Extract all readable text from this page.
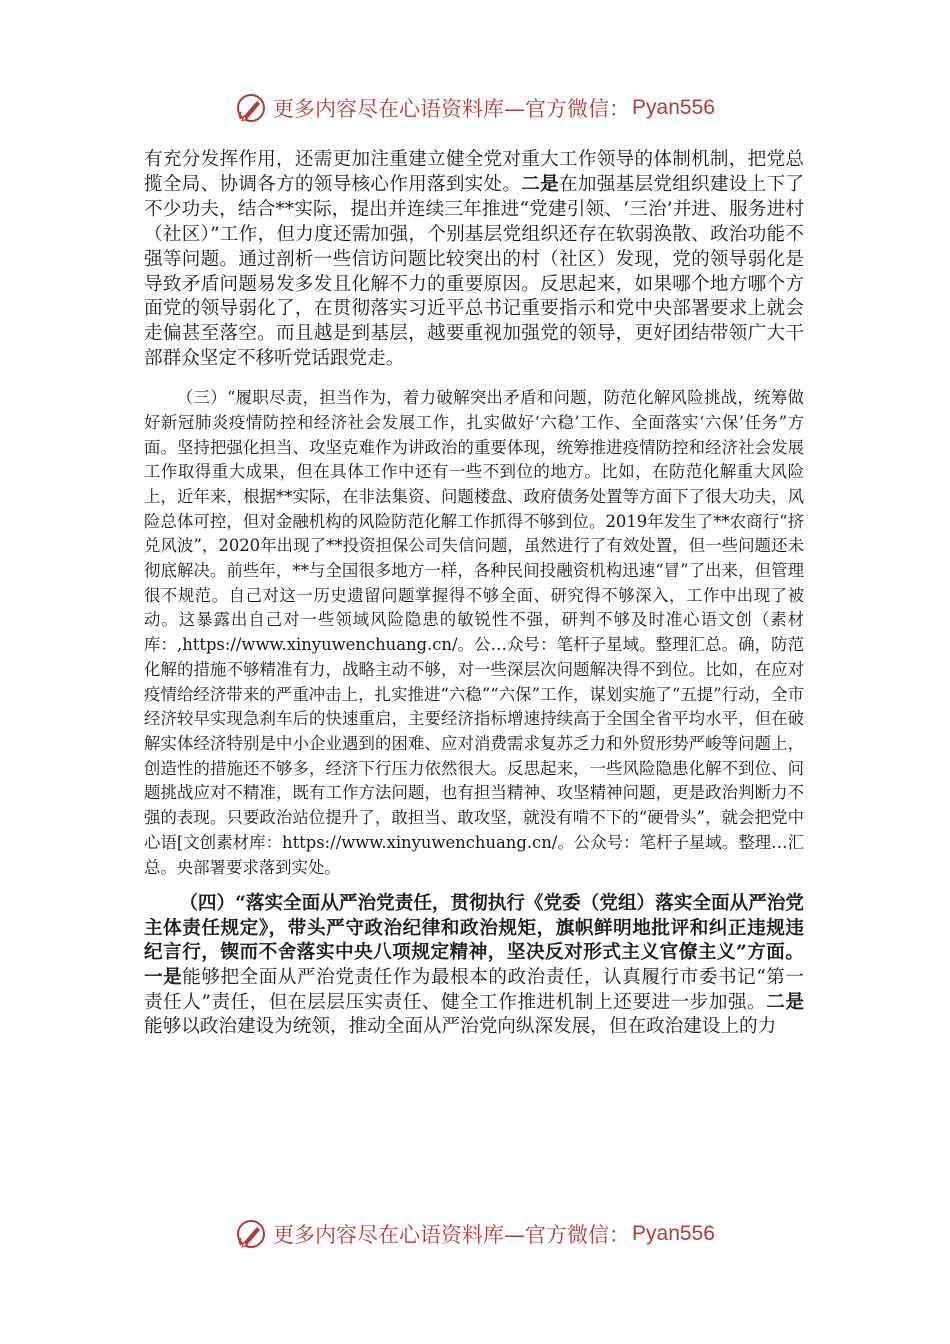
更多内容尽在心语资料库—官方微信： Pyan556

有充分发挥作用，还需更加注重建立健全党对重大工作领导的体制机制，把党总揽全局、协调各方的领导核心作用落到实处。二是在加强基层党组织建设上下了不少功夫，结合**实际，提出并连续三年推进“党建引领、‘三治’并进、服务进村（社区）”工作，但力度还需加强，个别基层党组织还存在软弱涣散、政治功能不强等问题。通过剖析一些信访问题比较突出的村（社区）发现，党的领导弱化是导致矛盾问题易发多发且化解不力的重要原因。反思起来，如果哪个地方哪个方面党的领导弱化了，在贯彻落实习近平总书记重要指示和党中央部署要求上就会走偏甚至落空。而且越是到基层，越要重视加强党的领导，更好团结带领广大干部群众坚定不移听党话跟党走。

（三）“履职尽责，担当作为，着力破解突出矛盾和问题，防范化解风险挑战，统筹做好新冠肺炎疫情防控和经济社会发展工作，扎实做好‘六稳’工作、全面落实‘六保’任务”方面。坚持把强化担当、攻坚克难作为讲政治的重要体现，统筹推进疫情防控和经济社会发展工作取得重大成果，但在具体工作中还有一些不到位的地方。比如，在防范化解重大风险上，近年来，根据**实际，在非法集资、问题楼盘、政府债务处置等方面下了很大功夫，风险总体可控，但对金融机构的风险防范化解工作抓得不够到位。2019年发生了**农商行“挤兑风波”，2020年出现了**投资担保公司失信问题，虽然进行了有效处置，但一些问题还未彻底解决。前些年，**与全国很多地方一样，各种民间投融资机构迅速“冒”了出来，但管理很不规范。自己对这一历史遗留问题掌握得不够全面、研究得不够深入，工作中出现了被动。这暴露出自己对一些领域风险隐患的敏锐性不强，研判不够及时准心语文创（素材库：,https://www.xinyuwenchuang.cn/。公…众号：笔杆子星域。整理汇总。确，防范化解的措施不够精准有力，战略主动不够，对一些深层次问题解决得不到位。比如，在应对疫情给经济带来的严重冲击上，扎实推进“六稳”“六保”工作，谋划实施了“五提”行动，全市经济较早实现急刹车后的快速重启，主要经济指标增速持续高于全国全省平均水平，但在破解实体经济特别是中小企业遇到的困难、应对消费需求复苏乏力和外贸形势严峻等问题上，创造性的措施还不够多，经济下行压力依然很大。反思起来，一些风险隐患化解不到位、问题挑战应对不精准，既有工作方法问题，也有担当精神、攻坚精神问题，更是政治判断力不强的表现。只要政治站位提升了，敢担当、敢攻坚，就没有啃不下的“硬骨头”，就会把党中心语[文创素材库：https://www.xinyuwenchuang.cn/。公众号：笔杆子星域。整理…汇总。央部署要求落到实处。

（四）“落实全面从严治党责任，贯彻执行《党委（党组）落实全面从严治党主体责任规定》，带头严守政治纪律和政治规矩，旗帜鲜明地批评和纠正违规违纪言行，锲而不舍落实中央八项规定精神，坚决反对形式主义官僚主义”方面。一是能够把全面从严治党责任作为最根本的政治责任，认真履行市委书记“第一责任人”责任，但在层层压实责任、健全工作推进机制上还要进一步加强。二是能够以政治建设为统领，推动全面从严治党向纵深发展，但在政治建设上的力

更多内容尽在心语资料库—官方微信： Pyan556
